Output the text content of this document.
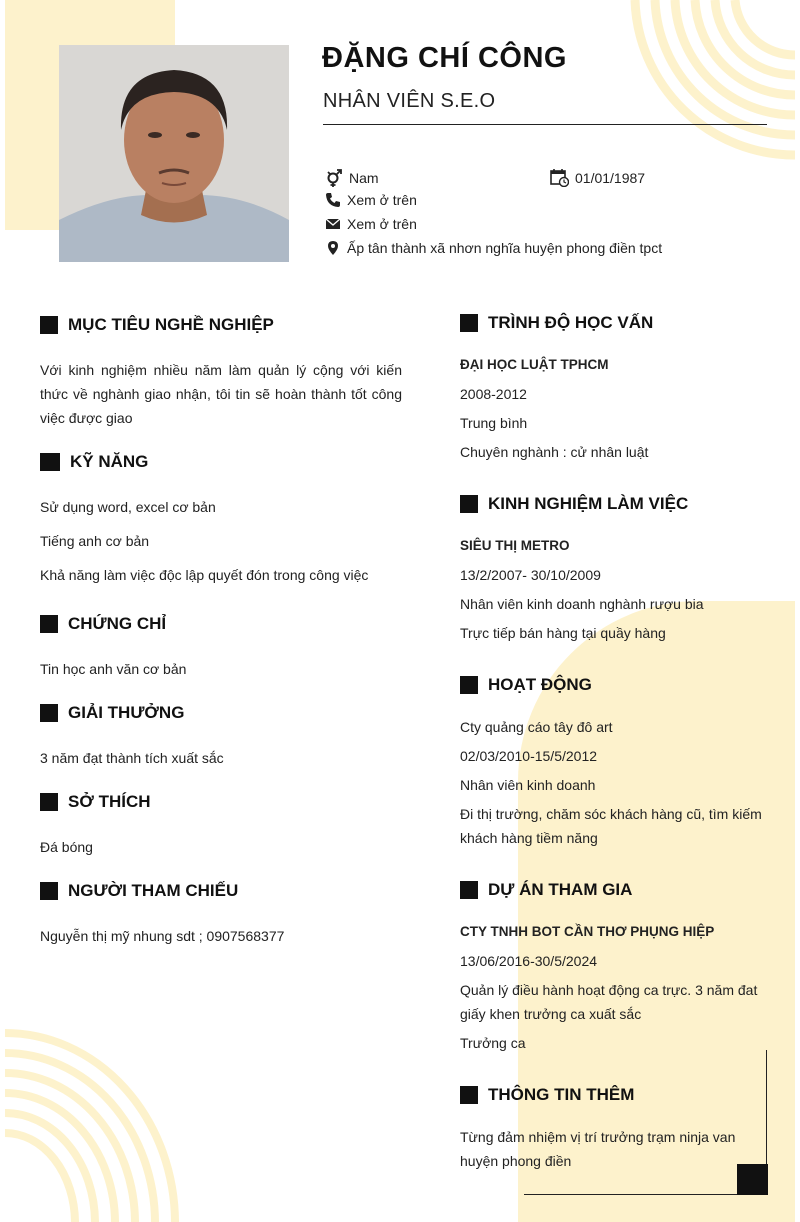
ĐẶNG CHÍ CÔNG
NHÂN VIÊN S.E.O
Nam	01/01/1987
Xem ở trên
Xem ở trên
Ấp tân thành xã nhơn nghĩa huyện phong điền tpct
MỤC TIÊU NGHỀ NGHIỆP
Với kinh nghiệm nhiều năm làm quản lý cộng với kiến thức về nghành giao nhận, tôi tin sẽ hoàn thành tốt công việc được giao
KỸ NĂNG
Sử dụng word, excel cơ bản
Tiếng anh cơ bản
Khả năng làm việc độc lập quyết đón trong công việc
CHỨNG CHỈ
Tin học anh văn cơ bản
GIẢI THƯỞNG
3 năm đạt thành tích xuất sắc
SỞ THÍCH
Đá bóng
NGƯỜI THAM CHIẾU
Nguyễn thị mỹ nhung sdt ; 0907568377
TRÌNH ĐỘ HỌC VẤN
ĐẠI HỌC LUẬT TPHCM
2008-2012
Trung bình
Chuyên nghành : cử nhân luật
KINH NGHIỆM LÀM VIỆC
SIÊU THỊ METRO
13/2/2007- 30/10/2009
Nhân viên kinh doanh nghành rượu bia
Trực tiếp bán hàng tại quầy hàng
HOẠT ĐỘNG
Cty quảng cáo tây đô art
02/03/2010-15/5/2012
Nhân viên kinh doanh
Đi thị trường, chăm sóc khách hàng cũ, tìm kiếm khách hàng tiềm năng
DỰ ÁN THAM GIA
CTY TNHH BOT CẦN THƠ PHỤNG HIỆP
13/06/2016-30/5/2024
Quản lý điều hành hoạt động ca trực. 3 năm đat giấy khen trưởng ca xuất sắc
Trưởng ca
THÔNG TIN THÊM
Từng đảm nhiệm vị trí trưởng trạm ninja van huyện phong điền
